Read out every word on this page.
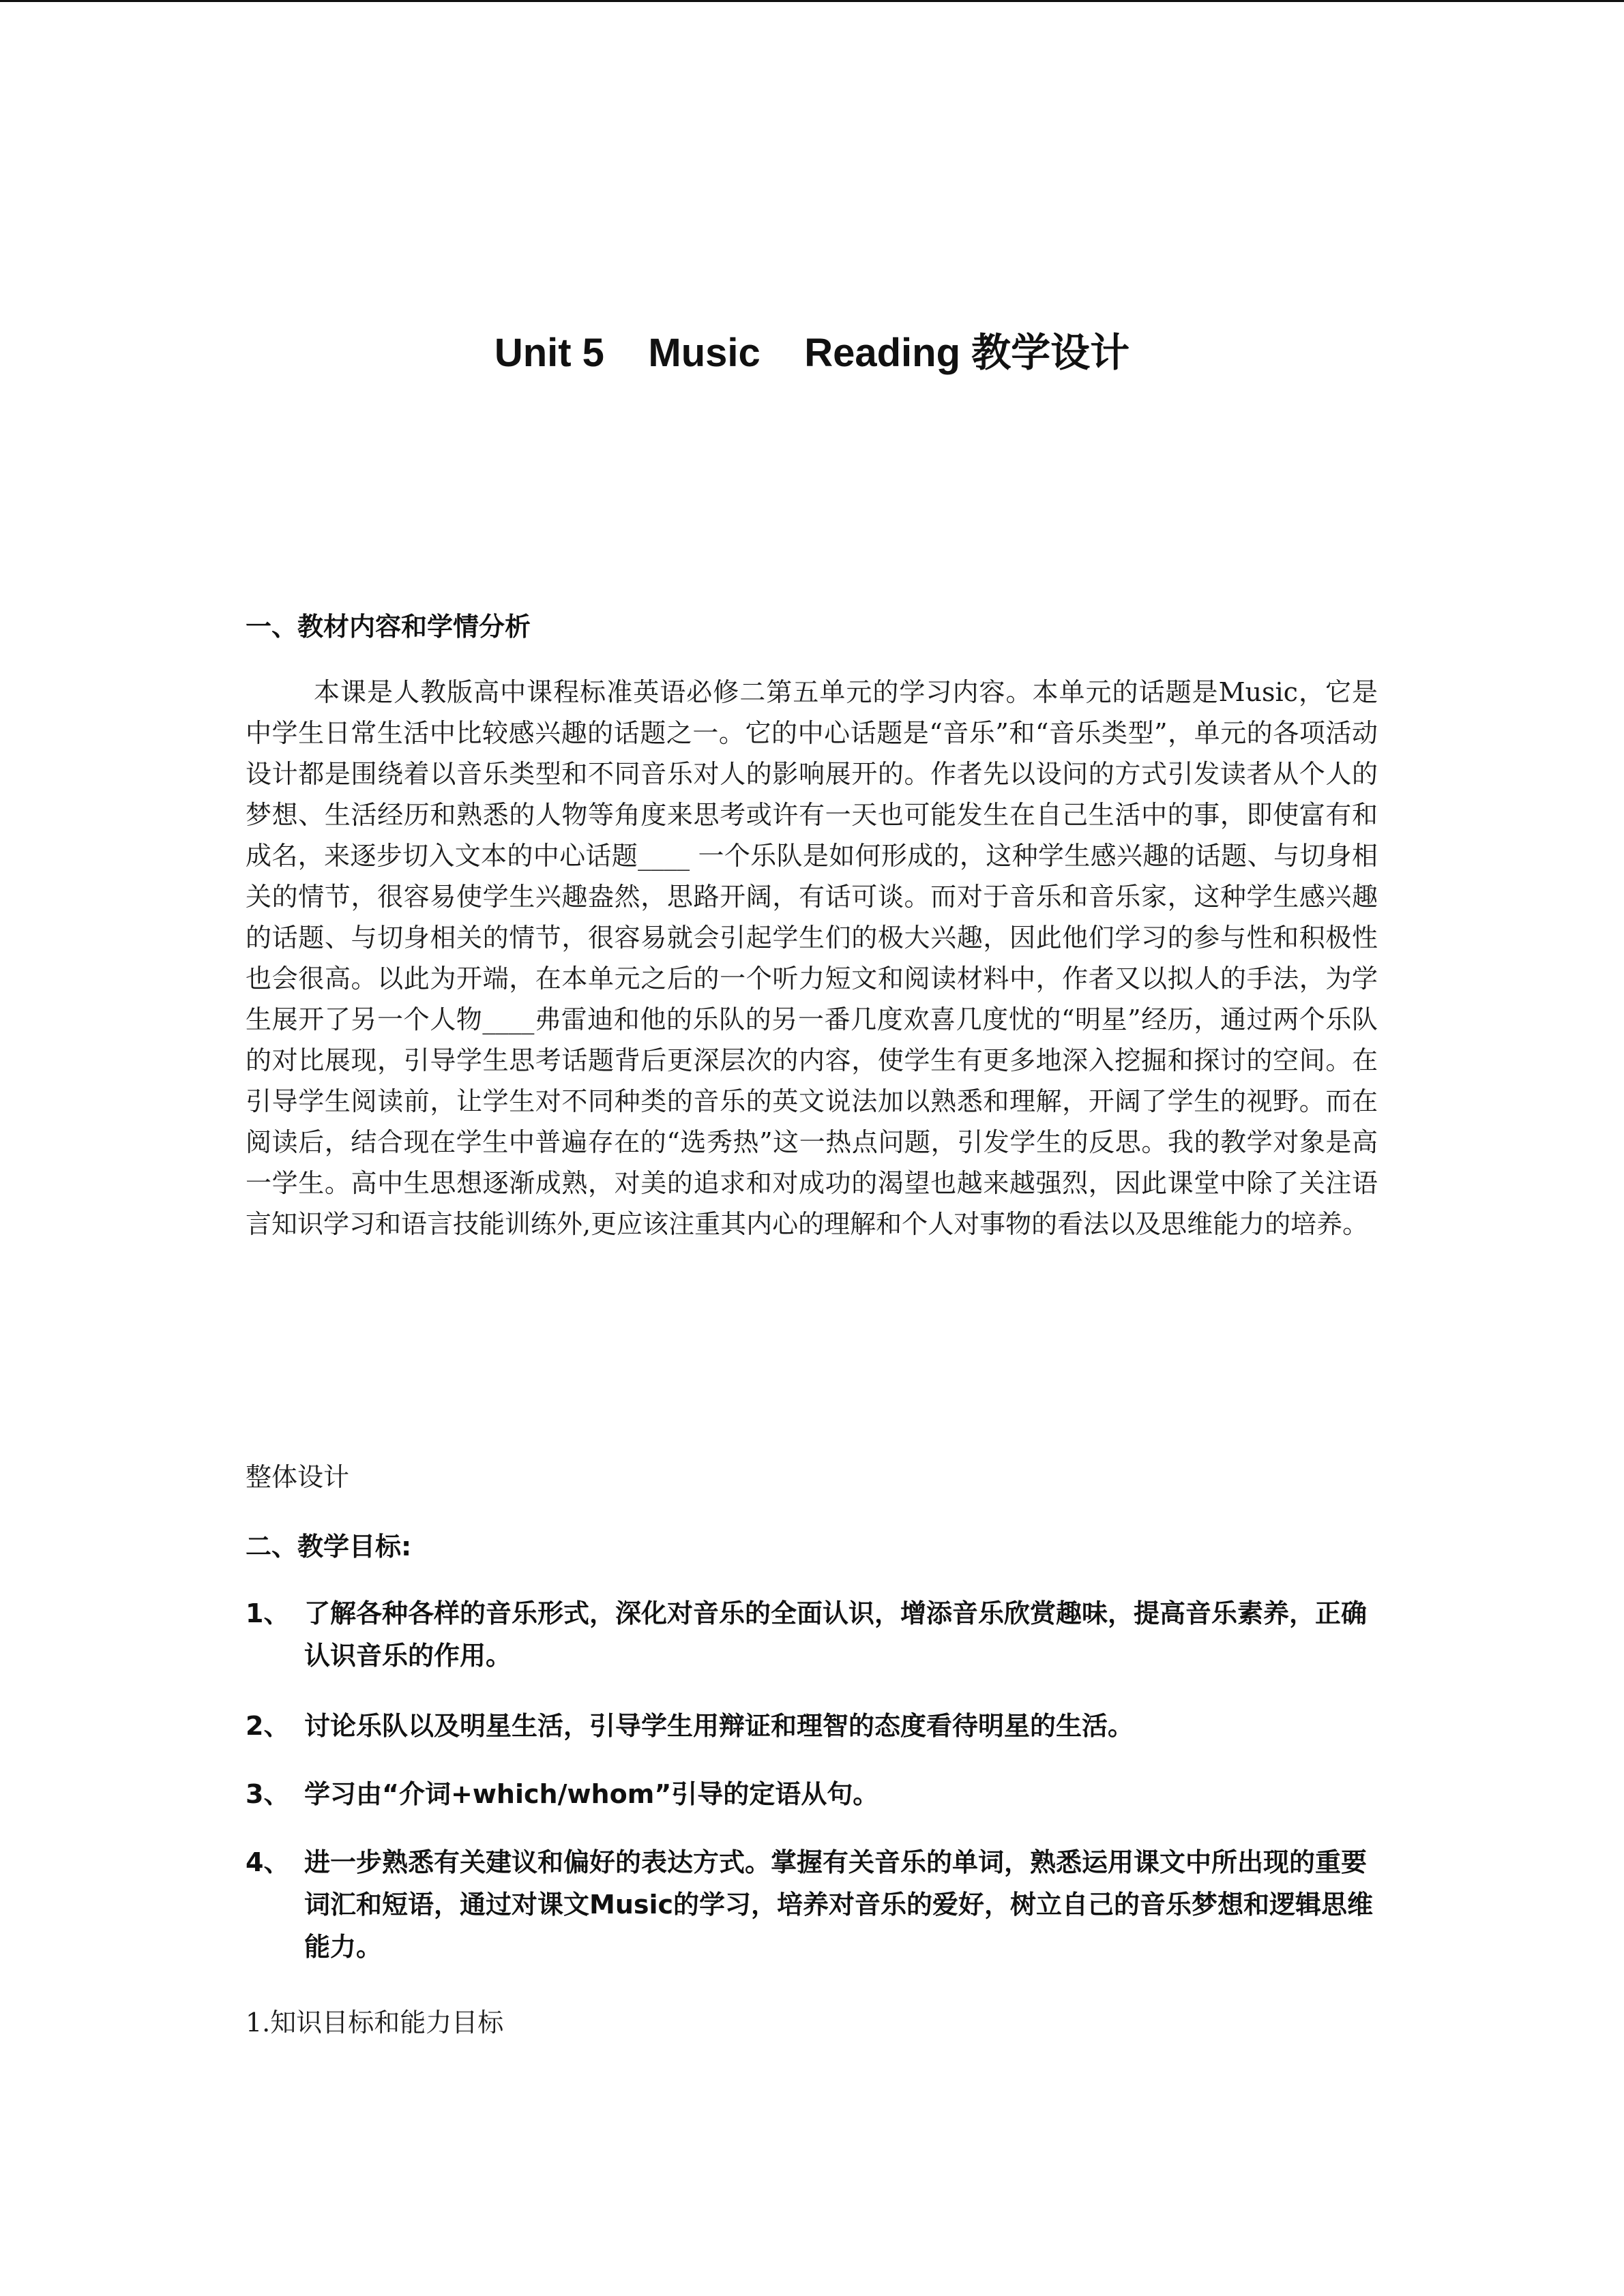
Unit 5    Music    Reading 教学设计
一、教材内容和学情分析
本课是人教版高中课程标准英语必修二第五单元的学习内容。本单元的话题是Music，它是中学生日常生活中比较感兴趣的话题之一。它的中心话题是“音乐”和“音乐类型”，单元的各项活动设计都是围绕着以音乐类型和不同音乐对人的影响展开的。作者先以设问的方式引发读者从个人的梦想、生活经历和熟悉的人物等角度来思考或许有一天也可能发生在自己生活中的事，即使富有和成名，来逐步切入文本的中心话题____ 一个乐队是如何形成的，这种学生感兴趣的话题、与切身相关的情节，很容易使学生兴趣盎然，思路开阔，有话可谈。而对于音乐和音乐家，这种学生感兴趣的话题、与切身相关的情节，很容易就会引起学生们的极大兴趣，因此他们学习的参与性和积极性也会很高。以此为开端，在本单元之后的一个听力短文和阅读材料中，作者又以拟人的手法，为学生展开了另一个人物____弗雷迪和他的乐队的另一番几度欢喜几度忧的“明星”经历，通过两个乐队的对比展现，引导学生思考话题背后更深层次的内容，使学生有更多地深入挖掘和探讨的空间。在引导学生阅读前，让学生对不同种类的音乐的英文说法加以熟悉和理解，开阔了学生的视野。而在阅读后，结合现在学生中普遍存在的“选秀热”这一热点问题，引发学生的反思。我的教学对象是高一学生。高中生思想逐渐成熟，对美的追求和对成功的渴望也越来越强烈，因此课堂中除了关注语言知识学习和语言技能训练外,更应该注重其内心的理解和个人对事物的看法以及思维能力的培养。
整体设计
二、教学目标:
1、 了解各种各样的音乐形式，深化对音乐的全面认识，增添音乐欣赏趣味，提高音乐素养，正确认识音乐的作用。
2、 讨论乐队以及明星生活，引导学生用辩证和理智的态度看待明星的生活。
3、 学习由“介词+which/whom”引导的定语从句。
4、 进一步熟悉有关建议和偏好的表达方式。掌握有关音乐的单词，熟悉运用课文中所出现的重要词汇和短语，通过对课文Music的学习，培养对音乐的爱好，树立自己的音乐梦想和逻辑思维能力。
1.知识目标和能力目标
